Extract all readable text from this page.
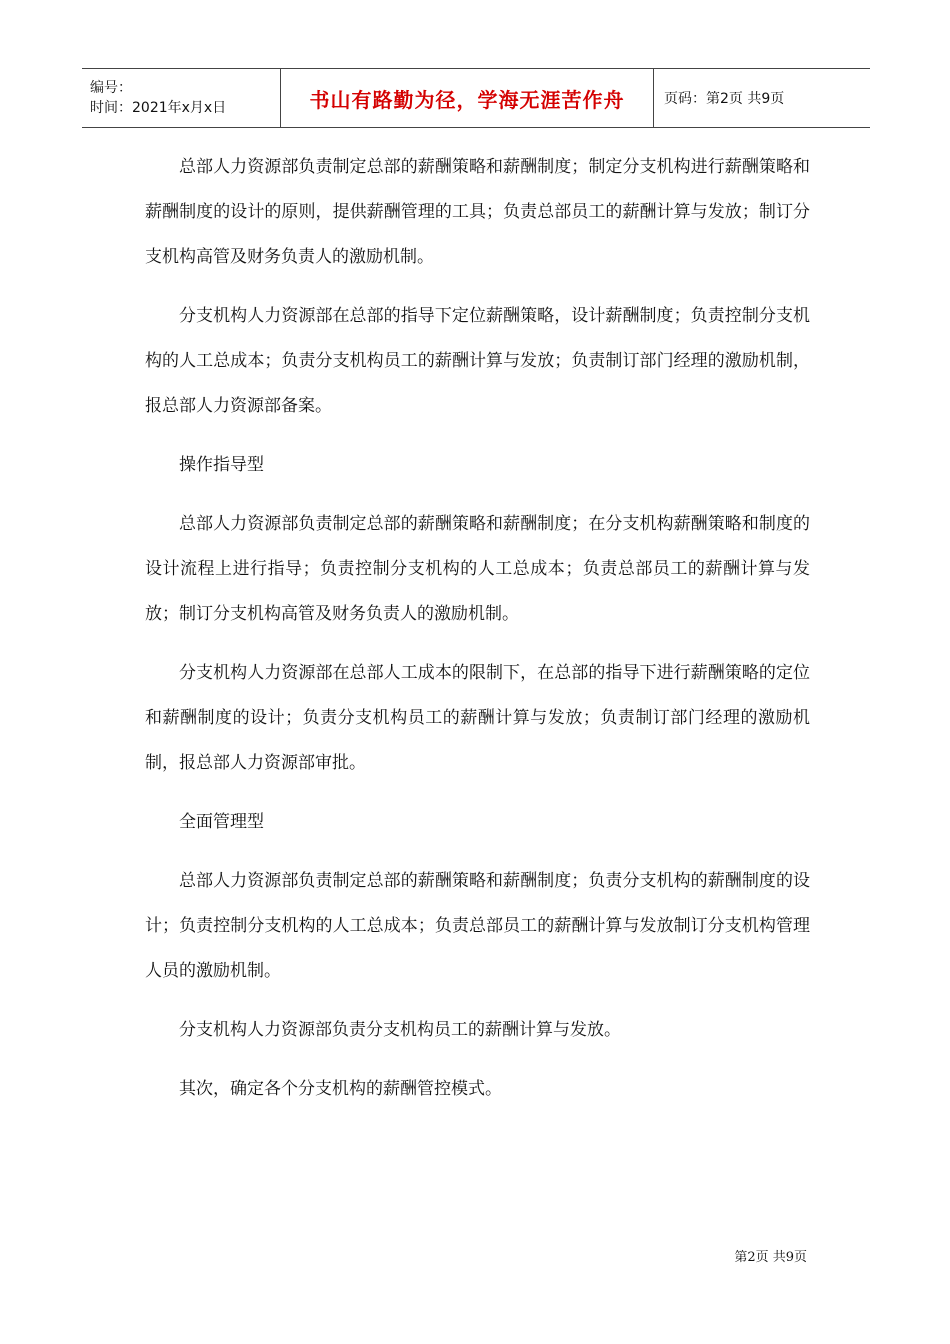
编号：
时间：2021年x月x日	书山有路勤为径，学海无涯苦作舟	页码：第2页 共9页

总部人力资源部负责制定总部的薪酬策略和薪酬制度；制定分支机构进行薪酬策略和薪酬制度的设计的原则，提供薪酬管理的工具；负责总部员工的薪酬计算与发放；制订分支机构高管及财务负责人的激励机制。

分支机构人力资源部在总部的指导下定位薪酬策略，设计薪酬制度；负责控制分支机构的人工总成本；负责分支机构员工的薪酬计算与发放；负责制订部门经理的激励机制，报总部人力资源部备案。

操作指导型

总部人力资源部负责制定总部的薪酬策略和薪酬制度；在分支机构薪酬策略和制度的设计流程上进行指导；负责控制分支机构的人工总成本；负责总部员工的薪酬计算与发放；制订分支机构高管及财务负责人的激励机制。

分支机构人力资源部在总部人工成本的限制下，在总部的指导下进行薪酬策略的定位和薪酬制度的设计；负责分支机构员工的薪酬计算与发放；负责制订部门经理的激励机制，报总部人力资源部审批。

全面管理型

总部人力资源部负责制定总部的薪酬策略和薪酬制度；负责分支机构的薪酬制度的设计；负责控制分支机构的人工总成本；负责总部员工的薪酬计算与发放制订分支机构管理人员的激励机制。

分支机构人力资源部负责分支机构员工的薪酬计算与发放。

其次，确定各个分支机构的薪酬管控模式。

第2页 共9页
